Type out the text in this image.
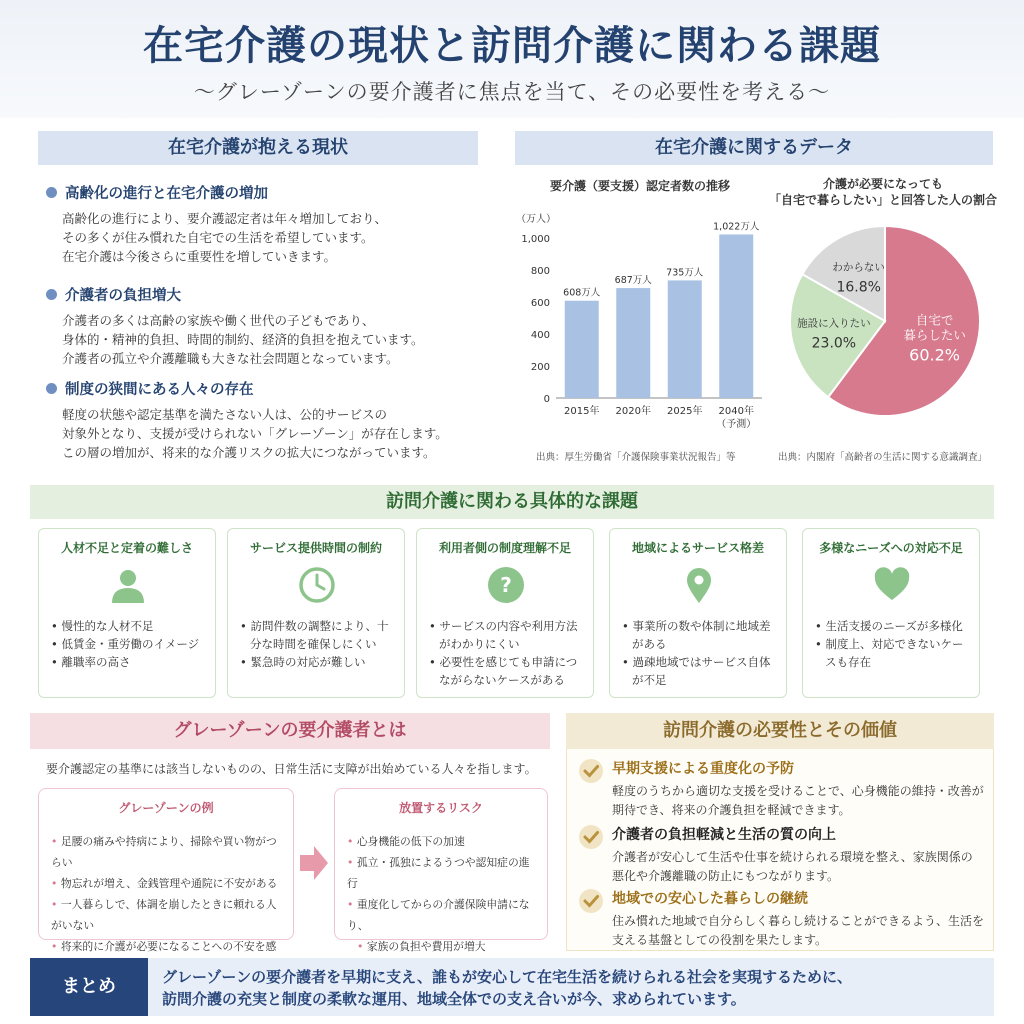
在宅介護の現状と訪問介護に関わる課題
〜グレーゾーンの要介護者に焦点を当て、その必要性を考える〜
在宅介護が抱える現状
高齢化の進行と在宅介護の増加
高齢化の進行により、要介護認定者は年々増加しており、
その多くが住み慣れた自宅での生活を希望しています。
在宅介護は今後さらに重要性を増していきます。
介護者の負担増大
介護者の多くは高齢の家族や働く世代の子どもであり、
身体的・精神的負担、時間的制約、経済的負担を抱えています。
介護者の孤立や介護離職も大きな社会問題となっています。
制度の狭間にある人々の存在
軽度の状態や認定基準を満たさない人は、公的サービスの
対象外となり、支援が受けられない「グレーゾーン」が存在します。
この層の増加が、将来的な介護リスクの拡大につながっています。
在宅介護に関するデータ
要介護（要支援）認定者数の推移
（万人）
0
200
400
600
800
1,000
608万人
2015年
687万人
2020年
735万人
2025年
1,022万人
2040年
（予測）
出典：厚生労働省「介護保険事業状況報告」等
介護が必要になっても
「自宅で暮らしたい」と回答した人の割合
自宅で
暮らしたい
60.2%
施設に入りたい
23.0%
わからない
16.8%
出典：内閣府「高齢者の生活に関する意識調査」
訪問介護に関わる具体的な課題
人材不足と定着の難しさ
• 慢性的な人材不足
• 低賃金・重労働のイメージ
• 離職率の高さ
サービス提供時間の制約
• 訪問件数の調整により、十分な時間を確保しにくい
• 緊急時の対応が難しい
利用者側の制度理解不足
?
• サービスの内容や利用方法がわかりにくい
• 必要性を感じても申請につながらないケースがある
地域によるサービス格差
• 事業所の数や体制に地域差がある
• 過疎地域ではサービス自体が不足
多様なニーズへの対応不足
• 生活支援のニーズが多様化
• 制度上、対応できないケースも存在
グレーゾーンの要介護者とは
要介護認定の基準には該当しないものの、日常生活に支障が出始めている人々を指します。
グレーゾーンの例
• 足腰の痛みや持病により、掃除や買い物がつらい
• 物忘れが増え、金銭管理や通院に不安がある
• 一人暮らしで、体調を崩したときに頼れる人がいない
• 将来的に介護が必要になることへの不安を感
放置するリスク
• 心身機能の低下の加速
• 孤立・孤独によるうつや認知症の進行
• 重度化してからの介護保険申請になり、
• 家族の負担や費用が増大
訪問介護の必要性とその価値
早期支援による重度化の予防
軽度のうちから適切な支援を受けることで、心身機能の維持・改善が
期待でき、将来の介護負担を軽減できます。
介護者の負担軽減と生活の質の向上
介護者が安心して生活や仕事を続けられる環境を整え、家族関係の
悪化や介護離職の防止にもつながります。
地域での安心した暮らしの継続
住み慣れた地域で自分らしく暮らし続けることができるよう、生活を
支える基盤としての役割を果たします。
まとめ	グレーゾーンの要介護者を早期に支え、誰もが安心して在宅生活を続けられる社会を実現するために、
訪問介護の充実と制度の柔軟な運用、地域全体での支え合いが今、求められています。
